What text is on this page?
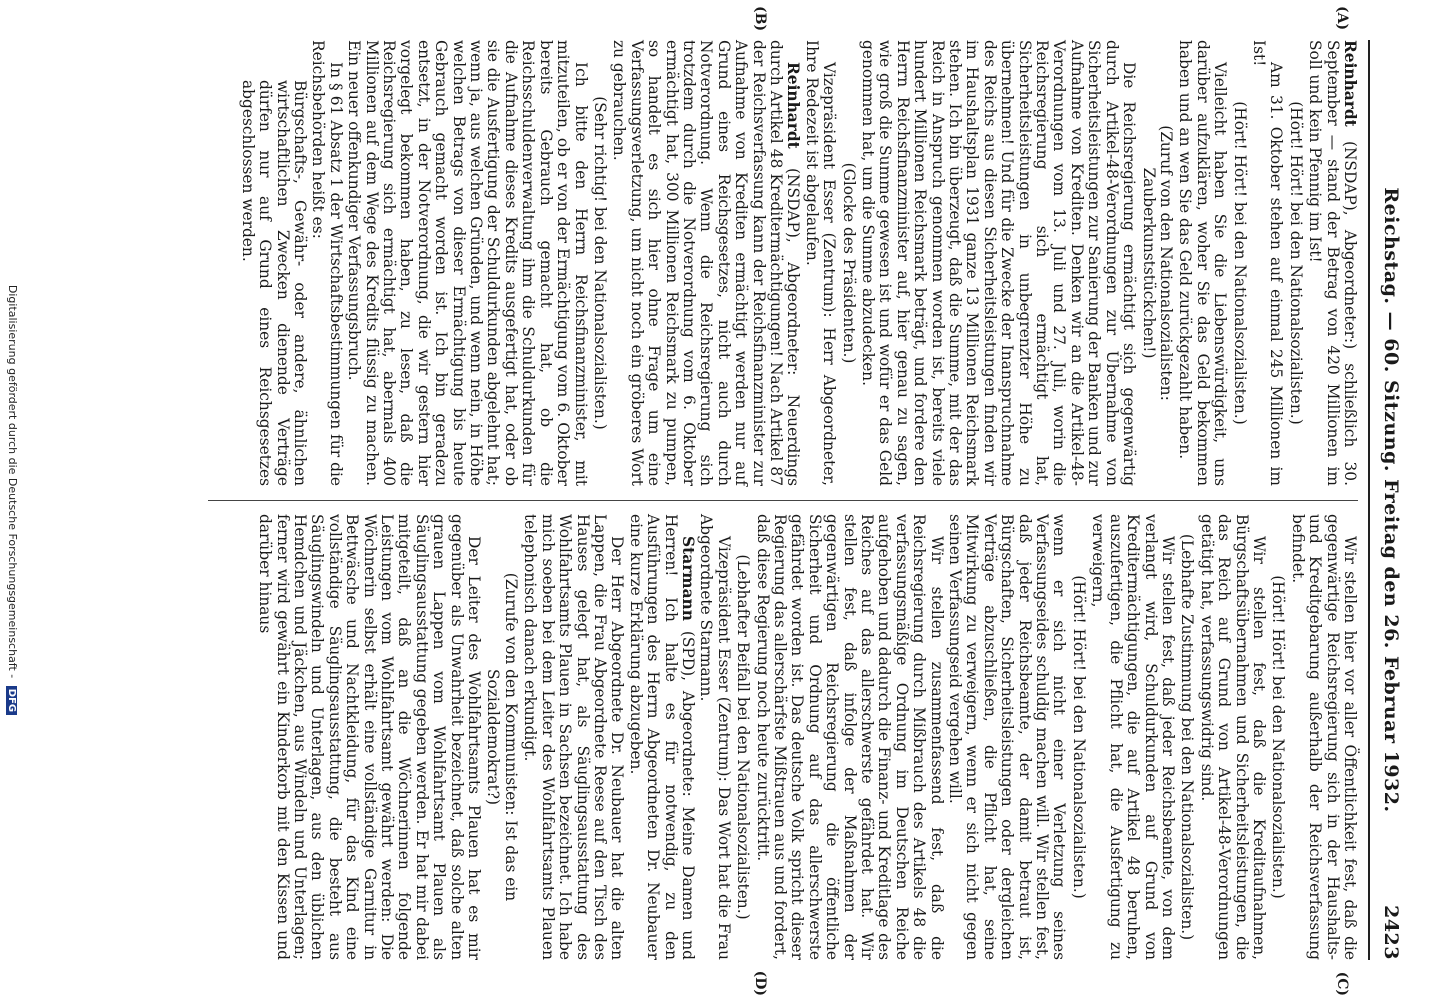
Reichstag. — 60. Sitzung. Freitag den 26. Februar 1932.
2423

Reinhardt (NSDAP), Abgeordneter:) schließlich 30. September — stand der Betrag von 420 Millionen im Soll und kein Pfennig im Ist!

(Hört! Hört! bei den Nationalsozialisten.)

Am 31. Oktober stehen auf einmal 245 Millionen im Ist!

(Hört! Hört! bei den Nationalsozialisten.)

Vielleicht haben Sie die Liebenswürdigkeit, uns darüber aufzuklären, woher Sie das Geld bekommen haben und an wen Sie das Geld zurückgezahlt haben.

(Zuruf von den Nationalsozialisten: Zauberkunststückchen!)

Die Reichsregierung ermächtigt sich gegenwärtig durch Artikel-48-Verordnungen zur Übernahme von Sicherheitsleistungen zur Sanierung der Banken und zur Aufnahme von Krediten. Denken wir an die Artikel-48-Verordnungen vom 13. Juli und 27. Juli, worin die Reichsregierung sich ermächtigt hat, Sicherheitsleistungen in unbegrenzter Höhe zu übernehmen! Und für die Zwecke der Inanspruchnahme des Reichs aus diesen Sicherheitsleistungen finden wir im Haushaltsplan 1931 ganze 13 Millionen Reichsmark stehen. Ich bin überzeugt, daß die Summe, mit der das Reich in Anspruch genommen worden ist, bereits viele hundert Millionen Reichsmark beträgt, und fordere den Herrn Reichsfinanzminister auf, hier genau zu sagen, wie groß die Summe gewesen ist und wofür er das Geld genommen hat, um die Summe abzudecken.

(Glocke des Präsidenten.)

Vizepräsident Esser (Zentrum): Herr Abgeordneter, Ihre Redezeit ist abgelaufen.

Reinhardt (NSDAP), Abgeordneter: Neuerdings durch Artikel 48 Kreditermächtigungen! Nach Artikel 87 der Reichsverfassung kann der Reichsfinanzminister zur Aufnahme von Krediten ermächtigt werden nur auf Grund eines Reichsgesetzes, nicht auch durch Notverordnung. Wenn die Reichsregierung sich trotzdem durch die Notverordnung vom 6. Oktober ermächtigt hat, 300 Millionen Reichsmark zu pumpen, so handelt es sich hier ohne Frage um eine Verfassungsverletzung, um nicht noch ein gröberes Wort zu gebrauchen.

(Sehr richtig! bei den Nationalsozialisten.)

Ich bitte den Herrn Reichsfinanzminister, mit mitzuteilen, ob er von der Ermächtigung vom 6. Oktober bereits Gebrauch gemacht hat, ob die Reichsschuldenverwaltung ihm die Schuldurkunden für die Aufnahme dieses Kredits ausgefertigt hat, oder ob sie die Ausfertigung der Schuldurkunden abgelehnt hat; wenn ja, aus welchen Gründen, und wenn nein, in Höhe welchen Betrags von dieser Ermächtigung bis heute Gebrauch gemacht worden ist. Ich bin geradezu entsetzt, in der Notverordnung, die wir gestern hier vorgelegt bekommen haben, zu lesen, daß die Reichsregierung sich ermächtigt hat, abermals 400 Millionen auf dem Wege des Kredits flüssig zu machen. Ein neuer offenkundiger Verfassungsbruch.

In § 61 Absatz 1 der Wirtschaftsbestimmungen für die Reichsbehörden heißt es:

Bürgschafts-, Gewähr- oder andere, ähnlichen wirtschaftlichen Zwecken dienende Verträge dürfen nur auf Grund eines Reichsgesetzes abgeschlossen werden.

Wir stellen hier vor aller Öffentlichkeit fest, daß die gegenwärtige Reichsregierung sich in der Haushalts- und Kreditgebarung außerhalb der Reichsverfassung befindet.

(Hört! Hört! bei den Nationalsozialisten.)

Wir stellen fest, daß die Kreditaufnahmen, Bürgschaftsübernahmen und Sicherheitsleistungen, die das Reich auf Grund von Artikel-48-Verordnungen getätigt hat, verfassungswidrig sind.

(Lebhafte Zustimmung bei den Nationalsozialisten.)

Wir stellen fest, daß jeder Reichsbeamte, von dem verlangt wird, Schuldurkunden auf Grund von Kreditermächtigungen, die auf Artikel 48 beruhen, auszufertigen, die Pflicht hat, die Ausfertigung zu verweigern,

(Hört! Hört! bei den Nationalsozialisten.)

wenn er sich nicht einer Verletzung seines Verfassungseides schuldig machen will. Wir stellen fest, daß jeder Reichsbeamte, der damit betraut ist, Bürgschaften, Sicherheitsleistungen oder dergleichen Verträge abzuschließen, die Pflicht hat, seine Mitwirkung zu verweigern, wenn er sich nicht gegen seinen Verfassungseid vergehen will.

Wir stellen zusammenfassend fest, daß die Reichsregierung durch Mißbrauch des Artikels 48 die verfassungsmäßige Ordnung im Deutschen Reiche aufgehoben und dadurch die Finanz- und Kreditlage des Reiches auf das allerschwerste gefährdet hat. Wir stellen fest, daß infolge der Maßnahmen der gegenwärtigen Reichsregierung die öffentliche Sicherheit und Ordnung auf das allerschwerste gefährdet worden ist. Das deutsche Volk spricht dieser Regierung das allerschärfste Mißtrauen aus und fordert, daß diese Regierung noch heute zurücktritt.

(Lebhafter Beifall bei den Nationalsozialisten.)

Vizepräsident Esser (Zentrum): Das Wort hat die Frau Abgeordnete Starmann.

Starmann (SPD), Abgeordnete: Meine Damen und Herren! Ich halte es für notwendig, zu den Ausführungen des Herrn Abgeordneten Dr. Neubauer eine kurze Erklärung abzugeben.

Der Herr Abgeordnete Dr. Neubauer hat die alten Lappen, die Frau Abgeordnete Reese auf den Tisch des Hauses gelegt hat, als Säuglingsausstattung des Wohlfahrtsamts Plauen in Sachsen bezeichnet. Ich habe mich soeben bei dem Leiter des Wohlfahrtsamts Plauen telephonisch danach erkundigt.

(Zurufe von den Kommunisten: Ist das ein Sozialdemokrat?)

Der Leiter des Wohlfahrtsamts Plauen hat es mir gegenüber als Unwahrheit bezeichnet, daß solche alten grauen Lappen vom Wohlfahrtsamt Plauen als Säuglingsausstattung gegeben werden. Er hat mir dabei mitgeteilt, daß an die Wöchnerinnen folgende Leistungen vom Wohlfahrtsamt gewährt werden: Die Wöchnerin selbst erhält eine vollständige Garnitur in Bettwäsche und Nachtkleidung, für das Kind eine vollständige Säuglingsausstattung, die besteht aus Säuglingswindeln und Unterlagen, aus den üblichen Hemdchen und Jäckchen, aus Windeln und Unterlagen; ferner wird gewährt ein Kinderkorb mit den Kissen und darüber hinaus

(A)
(B)
(C)
(D)
Digitalisierung gefördert durch die Deutsche Forschungsgemeinschaft - DFG
